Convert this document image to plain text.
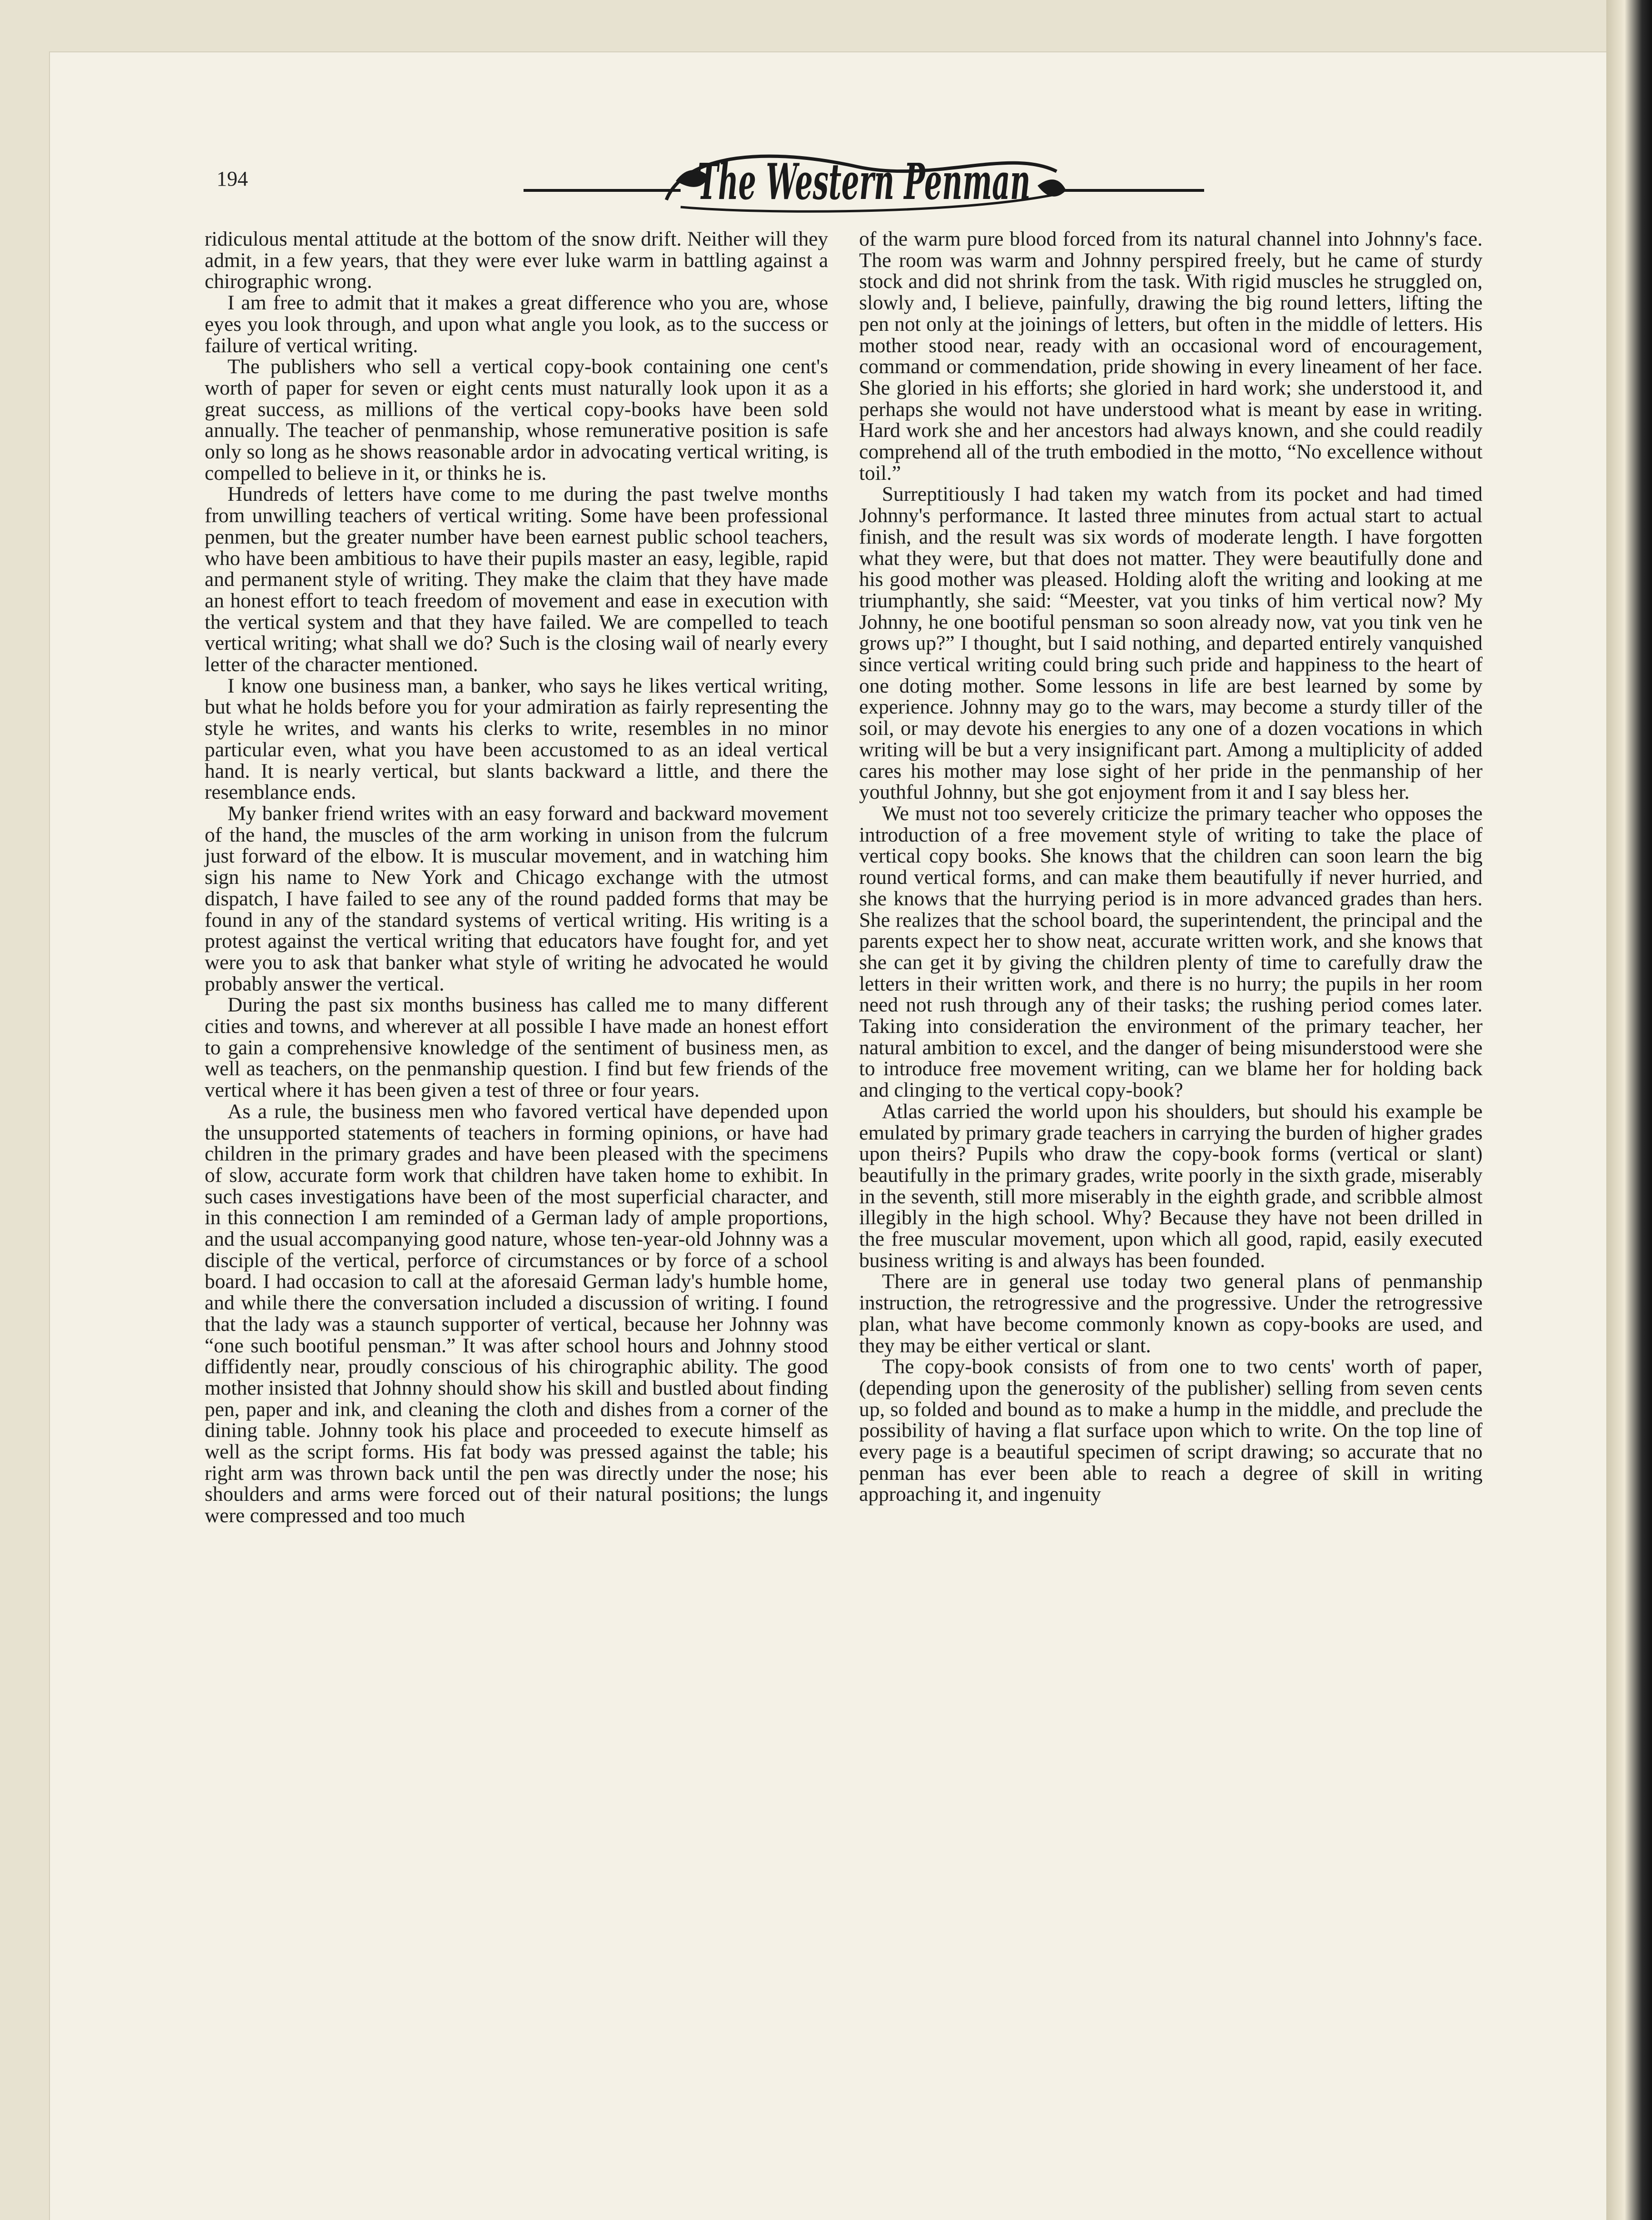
194	The Western Penman

ridiculous mental attitude at the bottom of the snow drift. Neither will they admit, in a few years, that they were ever luke warm in battling against a chirographic wrong.

I am free to admit that it makes a great difference who you are, whose eyes you look through, and upon what angle you look, as to the success or failure of vertical writing.

The publishers who sell a vertical copy-book containing one cent's worth of paper for seven or eight cents must naturally look upon it as a great success, as millions of the vertical copy-books have been sold annually. The teacher of penmanship, whose remunerative position is safe only so long as he shows reasonable ardor in advocating vertical writing, is compelled to believe in it, or thinks he is.

Hundreds of letters have come to me during the past twelve months from unwilling teachers of vertical writing. Some have been professional penmen, but the greater number have been earnest public school teachers, who have been ambitious to have their pupils master an easy, legible, rapid and permanent style of writing. They make the claim that they have made an honest effort to teach freedom of movement and ease in execution with the vertical system and that they have failed. We are compelled to teach vertical writing; what shall we do? Such is the closing wail of nearly every letter of the character mentioned.

I know one business man, a banker, who says he likes vertical writing, but what he holds before you for your admiration as fairly representing the style he writes, and wants his clerks to write, resembles in no minor particular even, what you have been accustomed to as an ideal vertical hand. It is nearly vertical, but slants backward a little, and there the resemblance ends.

My banker friend writes with an easy forward and backward movement of the hand, the muscles of the arm working in unison from the fulcrum just forward of the elbow. It is muscular movement, and in watching him sign his name to New York and Chicago exchange with the utmost dispatch, I have failed to see any of the round padded forms that may be found in any of the standard systems of vertical writing. His writing is a protest against the vertical writing that educators have fought for, and yet were you to ask that banker what style of writing he advocated he would probably answer the vertical.

During the past six months business has called me to many different cities and towns, and wherever at all possible I have made an honest effort to gain a comprehensive knowledge of the sentiment of business men, as well as teachers, on the penmanship question. I find but few friends of the vertical where it has been given a test of three or four years.

As a rule, the business men who favored vertical have depended upon the unsupported statements of teachers in forming opinions, or have had children in the primary grades and have been pleased with the specimens of slow, accurate form work that children have taken home to exhibit. In such cases investigations have been of the most superficial character, and in this connection I am reminded of a German lady of ample proportions, and the usual accompanying good nature, whose ten-year-old Johnny was a disciple of the vertical, perforce of circumstances or by force of a school board. I had occasion to call at the aforesaid German lady's humble home, and while there the conversation included a discussion of writing. I found that the lady was a staunch supporter of vertical, because her Johnny was “one such bootiful pensman.” It was after school hours and Johnny stood diffidently near, proudly conscious of his chirographic ability. The good mother insisted that Johnny should show his skill and bustled about finding pen, paper and ink, and cleaning the cloth and dishes from a corner of the dining table. Johnny took his place and proceeded to execute himself as well as the script forms. His fat body was pressed against the table; his right arm was thrown back until the pen was directly under the nose; his shoulders and arms were forced out of their natural positions; the lungs were compressed and too much

of the warm pure blood forced from its natural channel into Johnny's face. The room was warm and Johnny perspired freely, but he came of sturdy stock and did not shrink from the task. With rigid muscles he struggled on, slowly and, I believe, painfully, drawing the big round letters, lifting the pen not only at the joinings of letters, but often in the middle of letters. His mother stood near, ready with an occasional word of encouragement, command or commendation, pride showing in every lineament of her face. She gloried in his efforts; she gloried in hard work; she understood it, and perhaps she would not have understood what is meant by ease in writing. Hard work she and her ancestors had always known, and she could readily comprehend all of the truth embodied in the motto, “No excellence without toil.”

Surreptitiously I had taken my watch from its pocket and had timed Johnny's performance. It lasted three minutes from actual start to actual finish, and the result was six words of moderate length. I have forgotten what they were, but that does not matter. They were beautifully done and his good mother was pleased. Holding aloft the writing and looking at me triumphantly, she said: “Meester, vat you tinks of him vertical now? My Johnny, he one bootiful pensman so soon already now, vat you tink ven he grows up?” I thought, but I said nothing, and departed entirely vanquished since vertical writing could bring such pride and happiness to the heart of one doting mother. Some lessons in life are best learned by some by experience. Johnny may go to the wars, may become a sturdy tiller of the soil, or may devote his energies to any one of a dozen vocations in which writing will be but a very insignificant part. Among a multiplicity of added cares his mother may lose sight of her pride in the penmanship of her youthful Johnny, but she got enjoyment from it and I say bless her.

We must not too severely criticize the primary teacher who opposes the introduction of a free movement style of writing to take the place of vertical copy books. She knows that the children can soon learn the big round vertical forms, and can make them beautifully if never hurried, and she knows that the hurrying period is in more advanced grades than hers. She realizes that the school board, the superintendent, the principal and the parents expect her to show neat, accurate written work, and she knows that she can get it by giving the children plenty of time to carefully draw the letters in their written work, and there is no hurry; the pupils in her room need not rush through any of their tasks; the rushing period comes later. Taking into consideration the environment of the primary teacher, her natural ambition to excel, and the danger of being misunderstood were she to introduce free movement writing, can we blame her for holding back and clinging to the vertical copy-book?

Atlas carried the world upon his shoulders, but should his example be emulated by primary grade teachers in carrying the burden of higher grades upon theirs? Pupils who draw the copy-book forms (vertical or slant) beautifully in the primary grades, write poorly in the sixth grade, miserably in the seventh, still more miserably in the eighth grade, and scribble almost illegibly in the high school. Why? Because they have not been drilled in the free muscular movement, upon which all good, rapid, easily executed business writing is and always has been founded.

There are in general use today two general plans of penmanship instruction, the retrogressive and the progressive. Under the retrogressive plan, what have become commonly known as copy-books are used, and they may be either vertical or slant.

The copy-book consists of from one to two cents' worth of paper, (depending upon the generosity of the publisher) selling from seven cents up, so folded and bound as to make a hump in the middle, and preclude the possibility of having a flat surface upon which to write. On the top line of every page is a beautiful specimen of script drawing; so accurate that no penman has ever been able to reach a degree of skill in writing approaching it, and ingenuity
